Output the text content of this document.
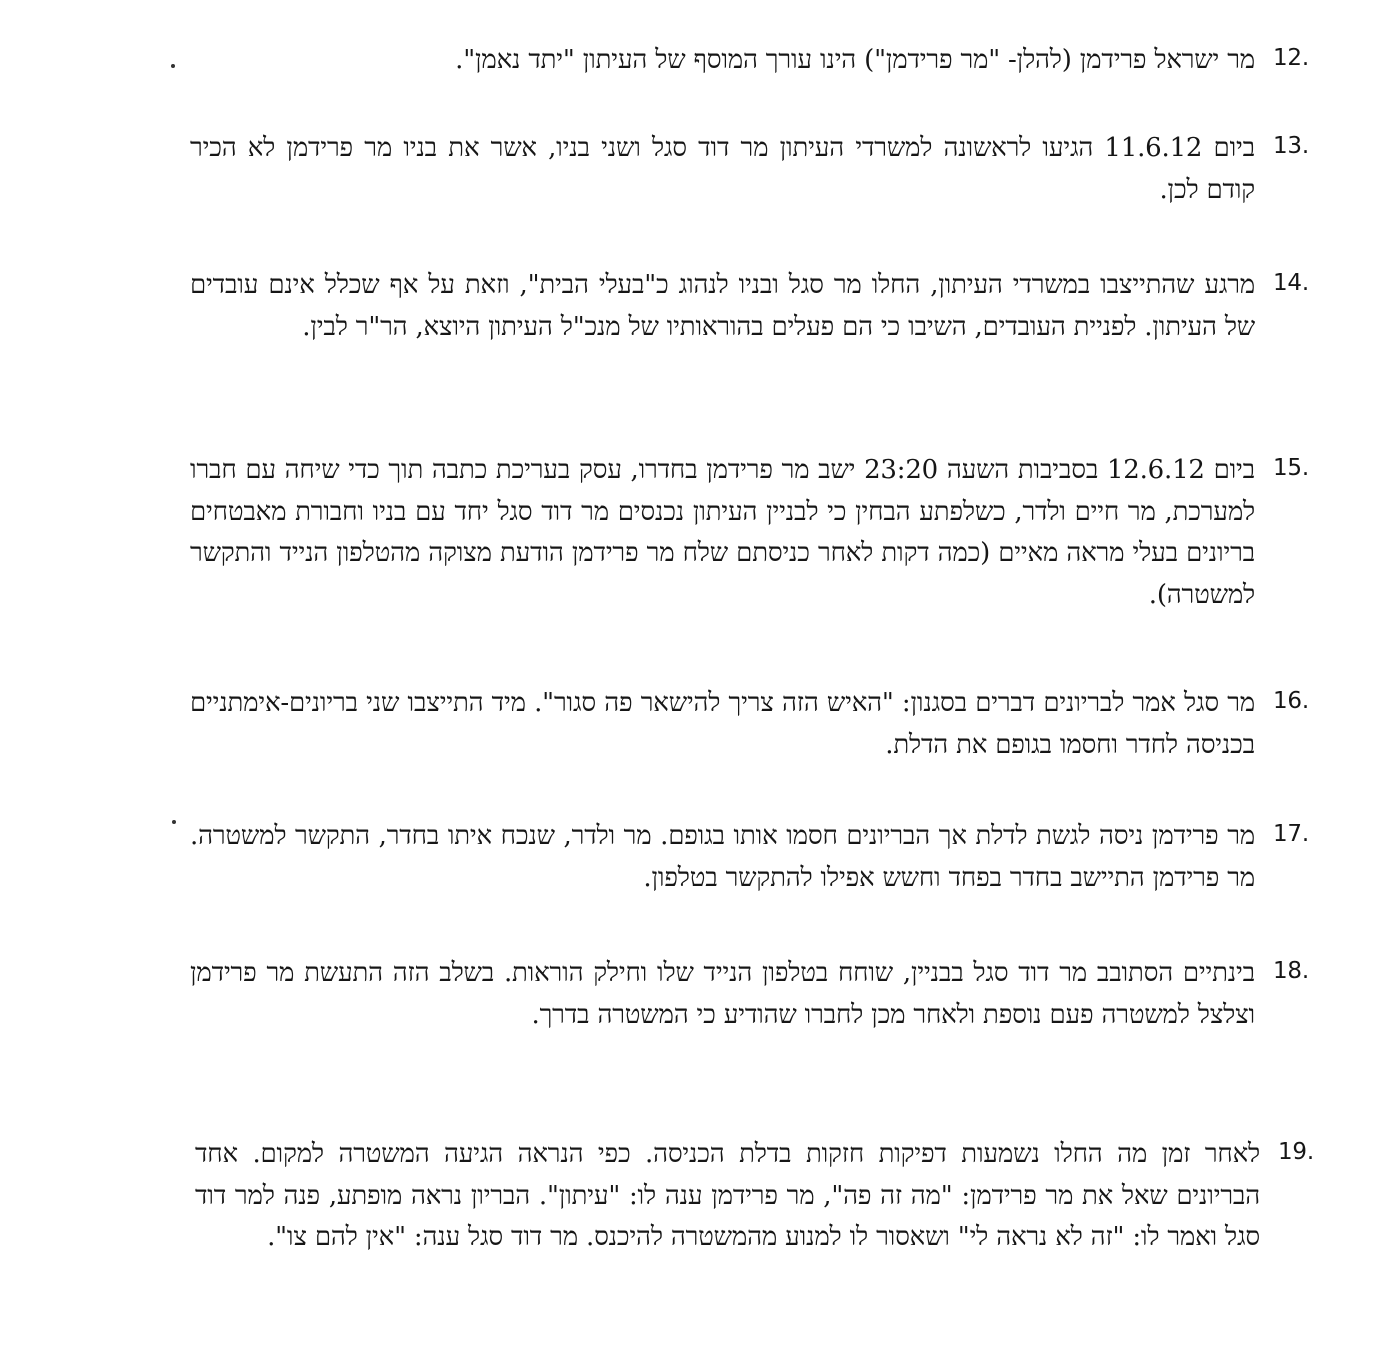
12.
מר ישראל פרידמן (להלן- "מר פרידמן") הינו עורך המוסף של העיתון "יתד נאמן".
13.
ביום 11.6.12 הגיעו לראשונה למשרדי העיתון מר דוד סגל ושני בניו, אשר את בניו מר פרידמן לא הכיר קודם לכן.
14.
מרגע שהתייצבו במשרדי העיתון, החלו מר סגל ובניו לנהוג כ"בעלי הבית", וזאת על אף שכלל אינם עובדים של העיתון. לפניית העובדים, השיבו כי הם פעלים בהוראותיו של מנכ"ל העיתון היוצא, הר"ר לבין.
15.
ביום 12.6.12 בסביבות השעה 23:20 ישב מר פרידמן בחדרו, עסק בעריכת כתבה תוך כדי שיחה עם חברו למערכת, מר חיים ולדר, כשלפתע הבחין כי לבניין העיתון נכנסים מר דוד סגל יחד עם בניו וחבורת מאבטחים בריונים בעלי מראה מאיים (כמה דקות לאחר כניסתם שלח מר פרידמן הודעת מצוקה מהטלפון הנייד והתקשר למשטרה).
16.
מר סגל אמר לבריונים דברים בסגנון: "האיש הזה צריך להישאר פה סגור". מיד התייצבו שני בריונים-אימתניים בכניסה לחדר וחסמו בגופם את הדלת.
17.
מר פרידמן ניסה לגשת לדלת אך הבריונים חסמו אותו בגופם. מר ולדר, שנכח איתו בחדר, התקשר למשטרה. מר פרידמן התיישב בחדר בפחד וחשש אפילו להתקשר בטלפון.
18.
בינתיים הסתובב מר דוד סגל בבניין, שוחח בטלפון הנייד שלו וחילק הוראות. בשלב הזה התעשת מר פרידמן וצלצל למשטרה פעם נוספת ולאחר מכן לחברו שהודיע כי המשטרה בדרך.
19.
לאחר זמן מה החלו נשמעות דפיקות חזקות בדלת הכניסה. כפי הנראה הגיעה המשטרה למקום. אחד הבריונים שאל את מר פרידמן: "מה זה פה", מר פרידמן ענה לו: "עיתון". הבריון נראה מופתע, פנה למר דוד סגל ואמר לו: "זה לא נראה לי" ושאסור לו למנוע מהמשטרה להיכנס. מר דוד סגל ענה: "אין להם צו".
